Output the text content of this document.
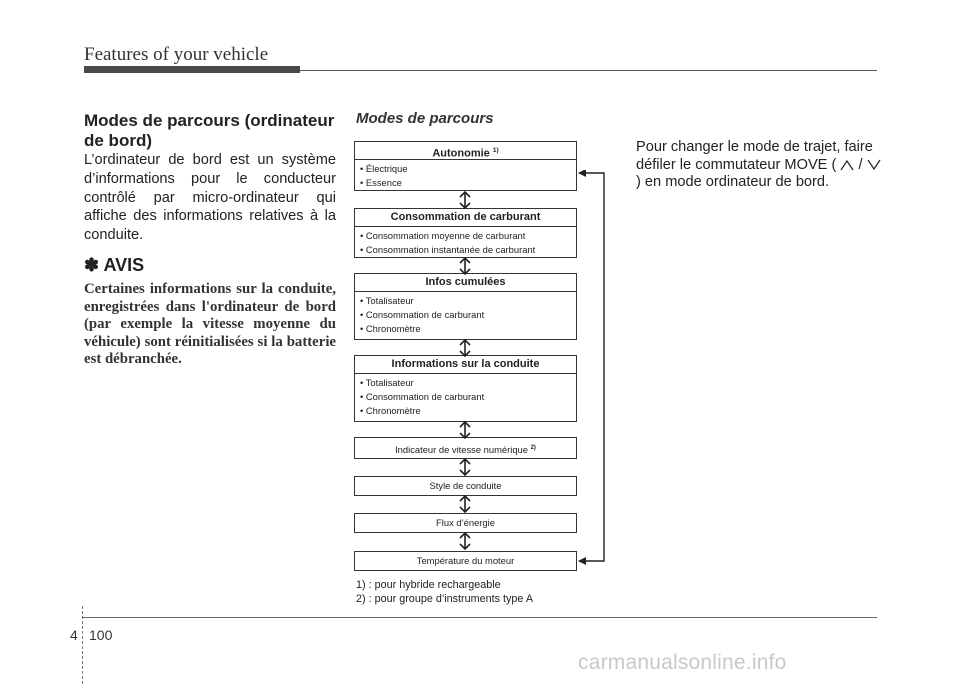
Features of your vehicle
Modes de parcours (ordinateur de bord)
L’ordinateur de bord est un système d’informations pour le conducteur contrôlé par micro-ordinateur qui affiche des informations relatives à la conduite.
✽ AVIS
Certaines informations sur la conduite, enregistrées dans l'ordinateur de bord (par exemple la vitesse moyenne du véhicule) sont réinitialisées si la batterie est débranchée.
Modes de parcours
Autonomie $^{1)}$
• Électrique
• Essence
Consommation de carburant
• Consommation moyenne de carburant
• Consommation instantanée de carburant
Infos cumulées
• Totalisateur
• Consommation de carburant
• Chronomètre
Informations sur la conduite
• Totalisateur
• Consommation de carburant
• Chronomètre
Indicateur de vitesse numérique $^{2)}$
Style de conduite
Flux d’énergie
Température du moteur
1) : pour hybride rechargeable
2) : pour groupe d’instruments type A
Pour changer le mode de trajet, faire défiler le commutateur MOVE ( /  ) en mode ordinateur de bord.
4 100
carmanualsonline.info
